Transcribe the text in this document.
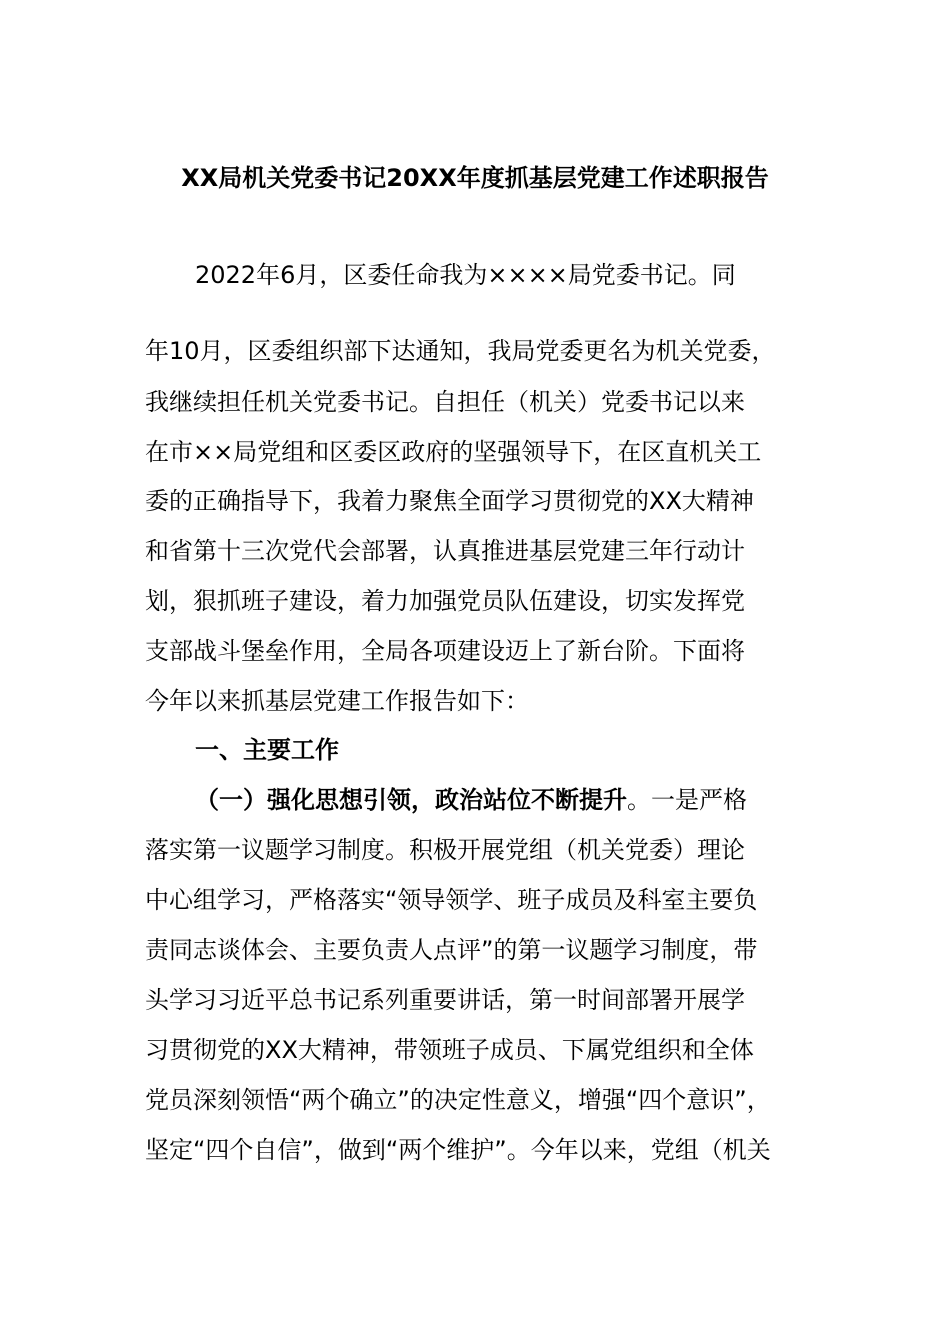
XX局机关党委书记20XX年度抓基层党建工作述职报告
2022年6月，区委任命我为××××局党委书记。同
年10月，区委组织部下达通知，我局党委更名为机关党委，
我继续担任机关党委书记。自担任（机关）党委书记以来
在市××局党组和区委区政府的坚强领导下，在区直机关工
委的正确指导下，我着力聚焦全面学习贯彻党的XX大精神
和省第十三次党代会部署，认真推进基层党建三年行动计
划，狠抓班子建设，着力加强党员队伍建设，切实发挥党
支部战斗堡垒作用，全局各项建设迈上了新台阶。下面将
今年以来抓基层党建工作报告如下：
一、主要工作
（一）强化思想引领，政治站位不断提升。一是严格
落实第一议题学习制度。积极开展党组（机关党委）理论
中心组学习，严格落实“领导领学、班子成员及科室主要负
责同志谈体会、主要负责人点评”的第一议题学习制度，带
头学习习近平总书记系列重要讲话，第一时间部署开展学
习贯彻党的XX大精神，带领班子成员、下属党组织和全体
党员深刻领悟“两个确立”的决定性意义，增强“四个意识”，
坚定“四个自信”，做到“两个维护”。今年以来，党组（机关
